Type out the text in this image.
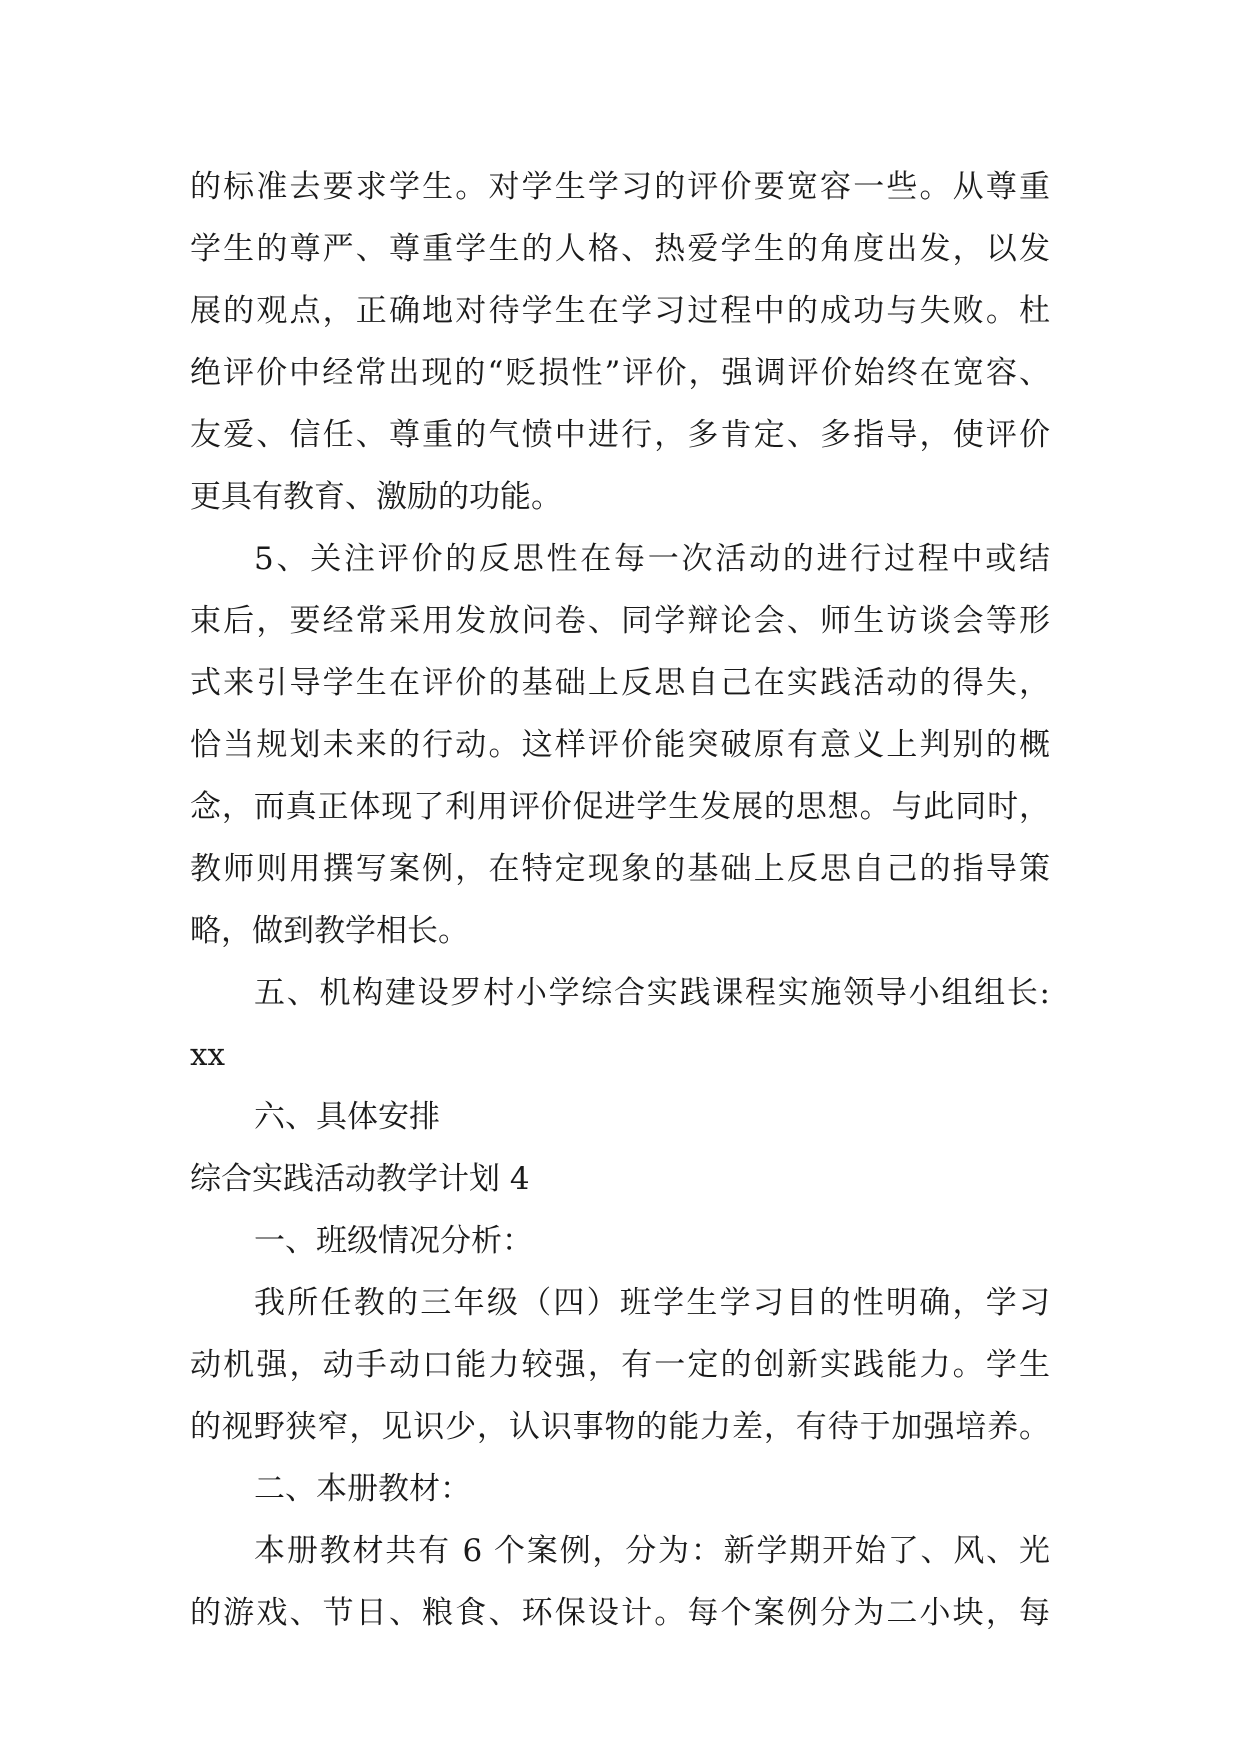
的标准去要求学生。对学生学习的评价要宽容一些。从尊重
学生的尊严、尊重学生的人格、热爱学生的角度出发，以发
展的观点，正确地对待学生在学习过程中的成功与失败。杜
绝评价中经常出现的“贬损性”评价，强调评价始终在宽容、
友爱、信任、尊重的气愤中进行，多肯定、多指导，使评价
更具有教育、激励的功能。
5、关注评价的反思性在每一次活动的进行过程中或结
束后，要经常采用发放问卷、同学辩论会、师生访谈会等形
式来引导学生在评价的基础上反思自己在实践活动的得失，
恰当规划未来的行动。这样评价能突破原有意义上判别的概
念，而真正体现了利用评价促进学生发展的思想。与此同时，
教师则用撰写案例，在特定现象的基础上反思自己的指导策
略，做到教学相长。
五、机构建设罗村小学综合实践课程实施领导小组组长:
xx
六、具体安排
综合实践活动教学计划 4
一、班级情况分析：
我所任教的三年级（四）班学生学习目的性明确，学习
动机强，动手动口能力较强，有一定的创新实践能力。学生
的视野狭窄，见识少，认识事物的能力差，有待于加强培养。
二、本册教材：
本册教材共有 6 个案例，分为：新学期开始了、风、光
的游戏、节日、粮食、环保设计。每个案例分为二小块，每
